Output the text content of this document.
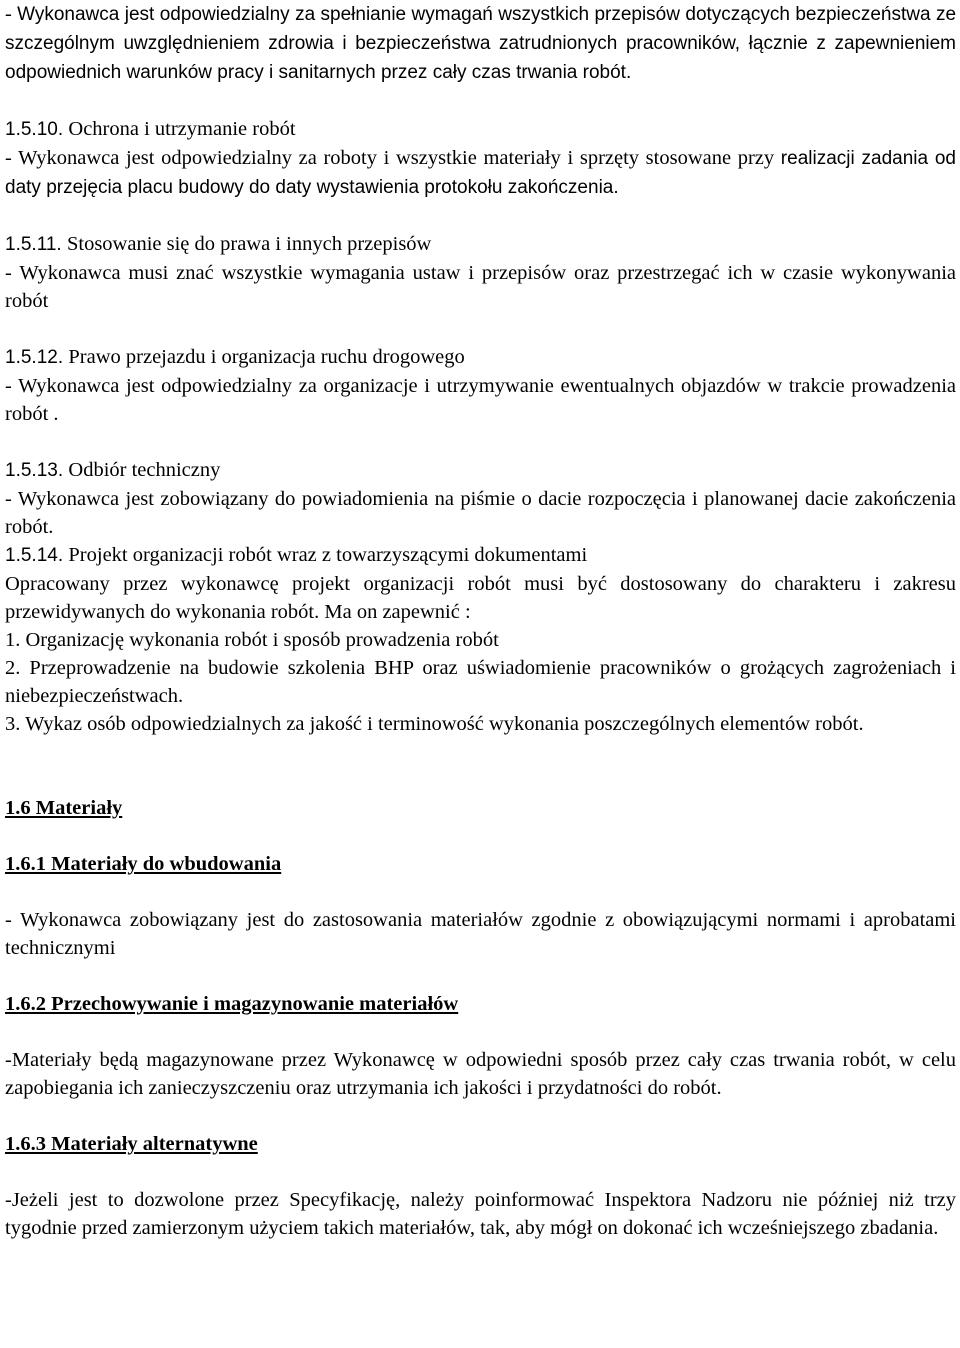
- Wykonawca jest odpowiedzialny za spełnianie wymagań wszystkich przepisów dotyczących bezpieczeństwa ze szczególnym uwzględnieniem zdrowia i bezpieczeństwa zatrudnionych pracowników, łącznie z zapewnieniem odpowiednich warunków pracy i sanitarnych przez cały czas trwania robót.

1.5.10. Ochrona i utrzymanie robót

- Wykonawca jest odpowiedzialny za roboty i wszystkie materiały i sprzęty stosowane przy realizacji zadania od daty przejęcia placu budowy do daty wystawienia protokołu zakończenia.

1.5.11. Stosowanie się do prawa i innych przepisów

- Wykonawca musi znać wszystkie wymagania ustaw i przepisów oraz przestrzegać ich w czasie wykonywania robót

1.5.12. Prawo przejazdu i organizacja ruchu drogowego

- Wykonawca jest odpowiedzialny za organizacje i utrzymywanie ewentualnych objazdów w trakcie prowadzenia robót .

1.5.13. Odbiór techniczny

- Wykonawca jest zobowiązany do powiadomienia na piśmie o dacie rozpoczęcia i planowanej dacie zakończenia robót.

1.5.14. Projekt organizacji robót wraz z towarzyszącymi dokumentami

Opracowany przez wykonawcę projekt organizacji robót musi być dostosowany do charakteru i zakresu przewidywanych do wykonania robót. Ma on zapewnić :

1. Organizację wykonania robót i sposób prowadzenia robót

2. Przeprowadzenie na budowie szkolenia BHP oraz uświadomienie pracowników o grożących zagrożeniach i niebezpieczeństwach.

3. Wykaz osób odpowiedzialnych za jakość i terminowość wykonania poszczególnych elementów robót.

1.6 Materiały

1.6.1 Materiały do wbudowania

- Wykonawca zobowiązany jest do zastosowania materiałów zgodnie z obowiązującymi normami i aprobatami technicznymi

1.6.2 Przechowywanie i magazynowanie materiałów

-Materiały będą magazynowane przez Wykonawcę w odpowiedni sposób przez cały czas trwania robót, w celu zapobiegania ich zanieczyszczeniu oraz utrzymania ich jakości i przydatności do robót.

1.6.3 Materiały alternatywne

-Jeżeli jest to dozwolone przez Specyfikację, należy poinformować Inspektora Nadzoru nie później niż trzy tygodnie przed zamierzonym użyciem takich materiałów, tak, aby mógł on dokonać ich wcześniejszego zbadania.
